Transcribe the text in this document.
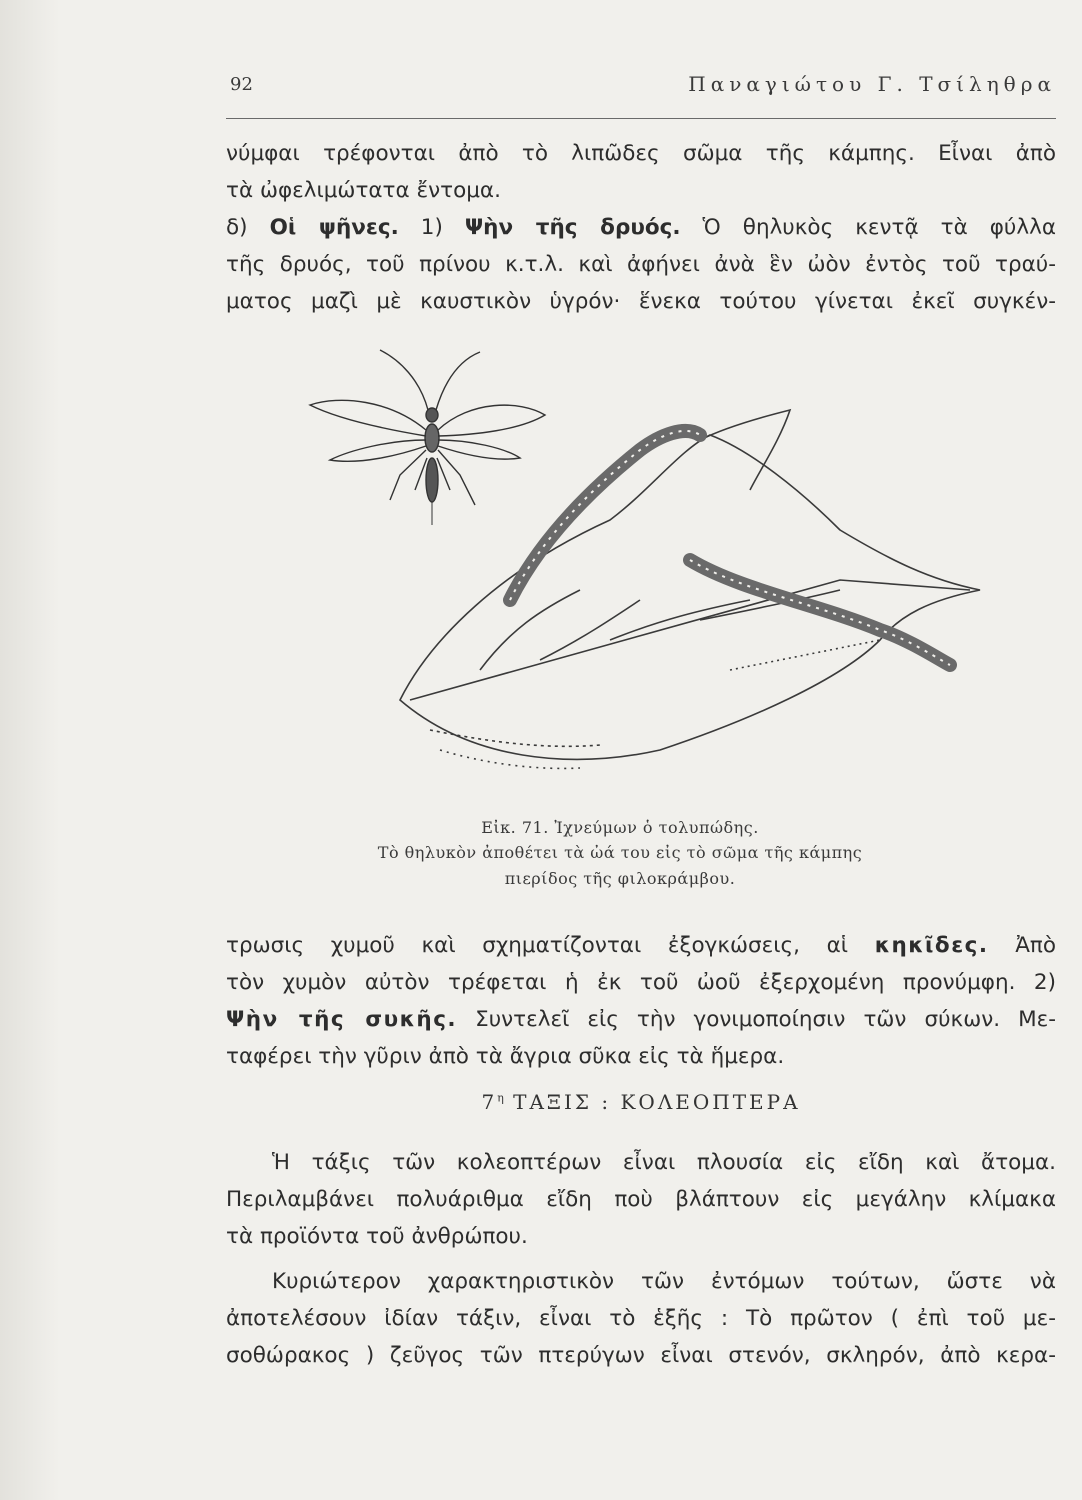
92	Παναγιώτου Γ. Τσίληθρα

νύμφαι τρέφονται ἀπὸ τὸ λιπῶδες σῶμα τῆς κάμπης. Εἶναι ἀπὸ

τὰ ὠφελιμώτατα ἔντομα.

δ) Οἱ ψῆνες. 1) Ψὴν τῆς δρυός. Ὁ θηλυκὸς κεντᾷ τὰ φύλλα

τῆς δρυός, τοῦ πρίνου κ.τ.λ. καὶ ἀφήνει ἀνὰ ἓν ὠὸν ἐντὸς τοῦ τραύ-

ματος μαζὶ μὲ καυστικὸν ὑγρόν· ἕνεκα τούτου γίνεται ἐκεῖ συγκέν-

Εἰκ. 71. Ἰχνεύμων ὁ τολυπώδης.
Τὸ θηλυκὸν ἀποθέτει τὰ ὠά του εἰς τὸ σῶμα τῆς κάμπης
πιερίδος τῆς φιλοκράμβου.

τρωσις χυμοῦ καὶ σχηματίζονται ἐξογκώσεις, αἱ κηκῖδες. Ἀπὸ

τὸν χυμὸν αὐτὸν τρέφεται ἡ ἐκ τοῦ ὠοῦ ἐξερχομένη προνύμφη. 2)

Ψὴν τῆς συκῆς. Συντελεῖ εἰς τὴν γονιμοποίησιν τῶν σύκων. Με-

ταφέρει τὴν γῦριν ἀπὸ τὰ ἄγρια σῦκα εἰς τὰ ἥμερα.

$7^\eta$ ΤΑΞΙΣ : ΚΟΛΕΟΠΤΕΡΑ

Ἡ τάξις τῶν κολεοπτέρων εἶναι πλουσία εἰς εἴδη καὶ ἄτομα.

Περιλαμβάνει πολυάριθμα εἴδη ποὺ βλάπτουν εἰς μεγάλην κλίμακα

τὰ προϊόντα τοῦ ἀνθρώπου.

Κυριώτερον χαρακτηριστικὸν τῶν ἐντόμων τούτων, ὥστε νὰ

ἀποτελέσουν ἰδίαν τάξιν, εἶναι τὸ ἑξῆς : Τὸ πρῶτον ( ἐπὶ τοῦ με-

σοθώρακος ) ζεῦγος τῶν πτερύγων εἶναι στενόν, σκληρόν, ἀπὸ κερα-
